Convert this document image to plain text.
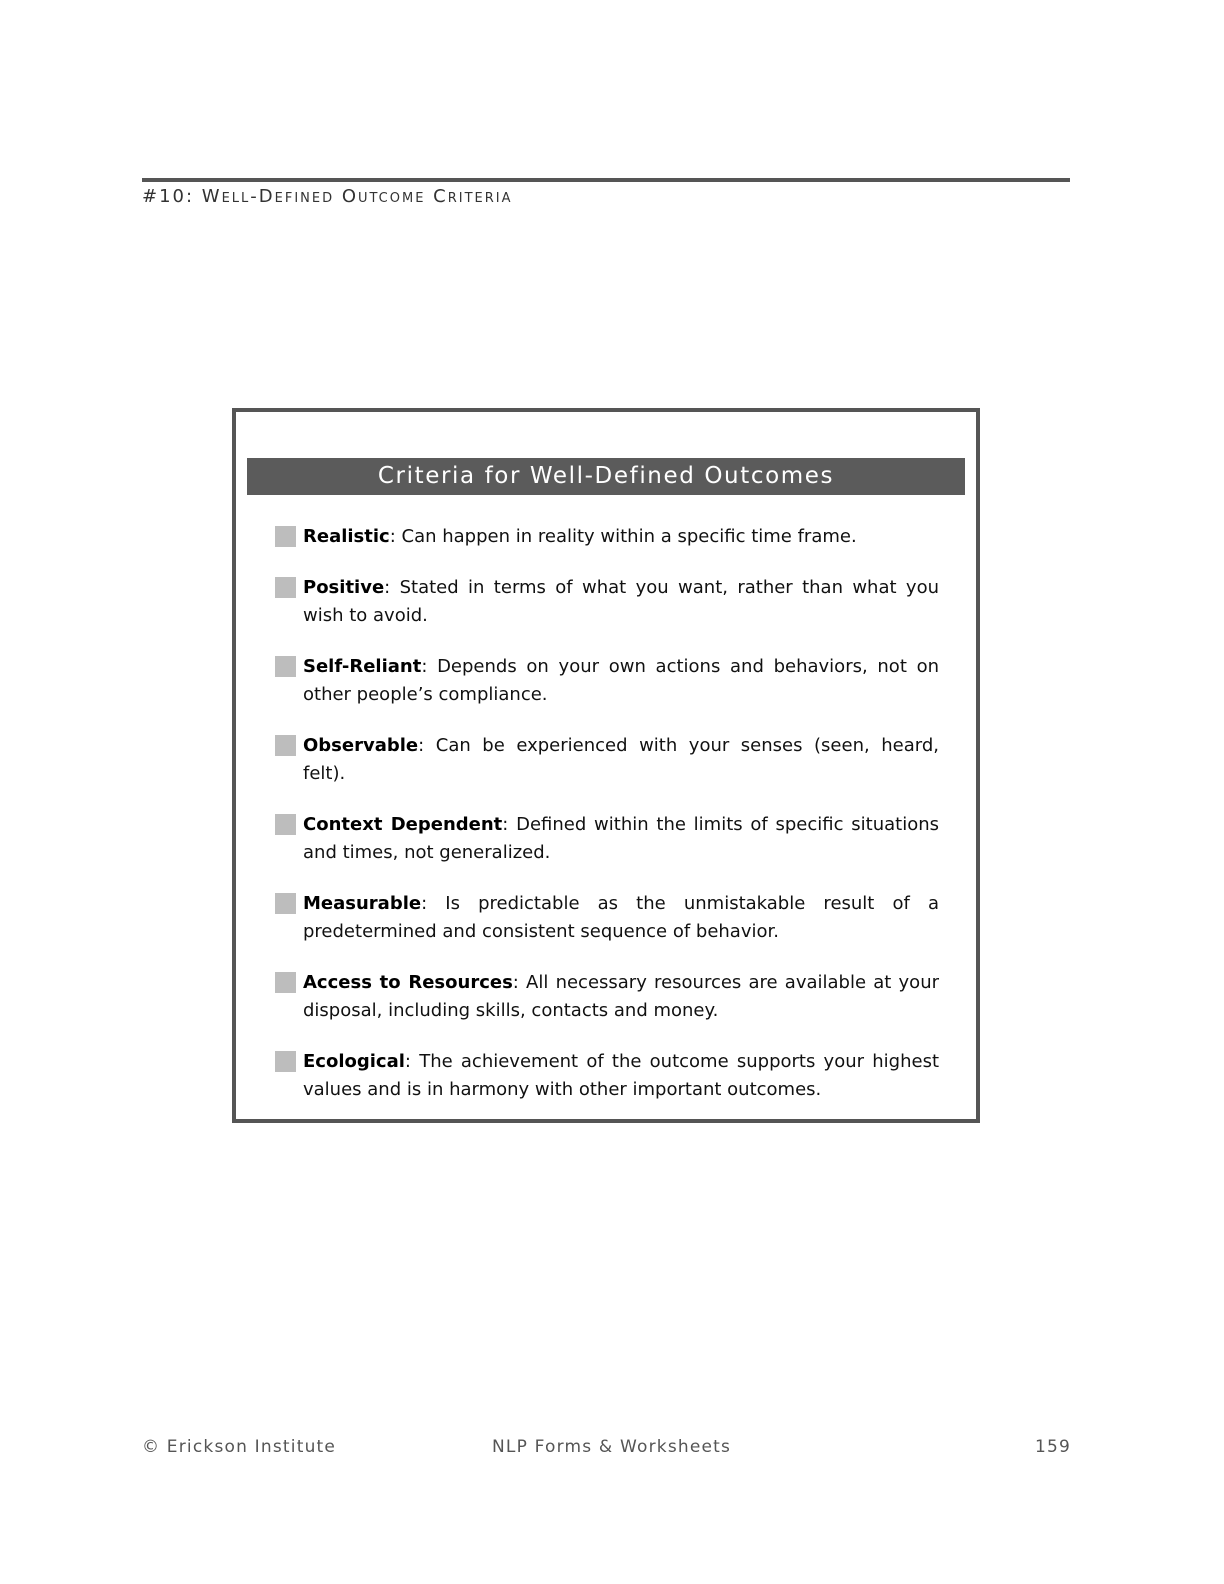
#10: Well-Defined Outcome Criteria
Criteria for Well-Defined Outcomes
Realistic: Can happen in reality within a specific time frame.
Positive: Stated in terms of what you want, rather than what you wish to avoid.
Self-Reliant: Depends on your own actions and behaviors, not on other people’s compliance.
Observable: Can be experienced with your senses (seen, heard, felt).
Context Dependent: Defined within the limits of specific situations and times, not generalized.
Measurable: Is predictable as the unmistakable result of a predetermined and consistent sequence of behavior.
Access to Resources: All necessary resources are available at your disposal, including skills, contacts and money.
Ecological: The achievement of the outcome supports your highest values and is in harmony with other important outcomes.
© Erickson Institute	NLP Forms & Worksheets	159
